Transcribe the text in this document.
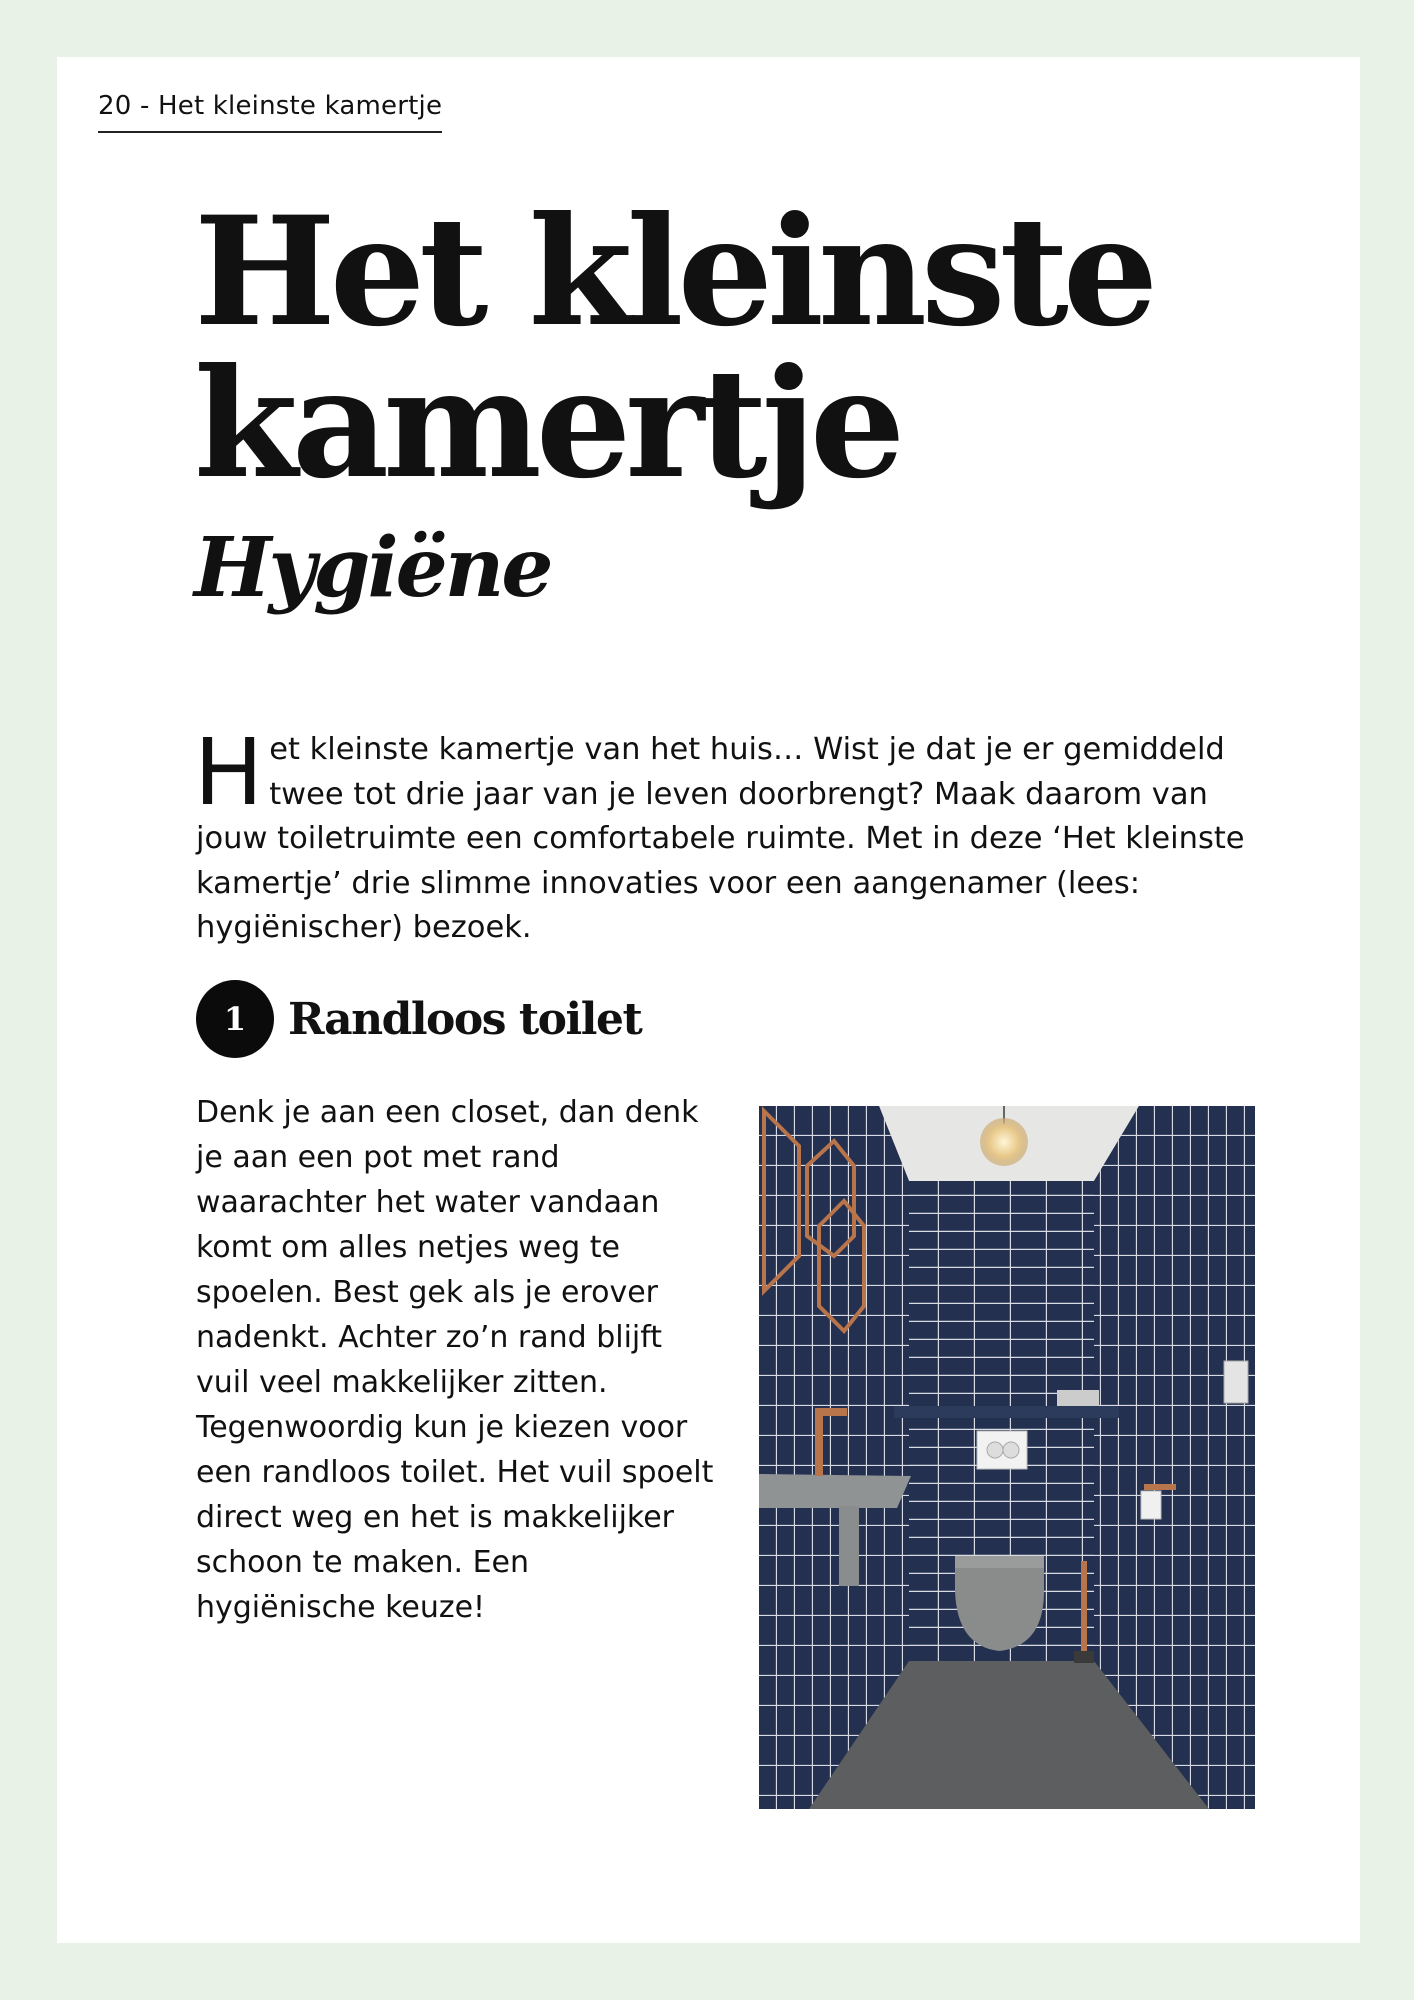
20 - Het kleinste kamertje
Het kleinste
kamertje
Hygiëne

Het kleinste kamertje van het huis… Wist je dat je er gemiddeld twee tot drie jaar van je leven doorbrengt? Maak daarom van jouw toiletruimte een comfortabele ruimte. Met in deze ‘Het kleinste kamertje’ drie slimme innovaties voor een aangenamer (lees: hygiënischer) bezoek.

1 Randloos toilet

Denk je aan een closet, dan denk je aan een pot met rand waarachter het water vandaan komt om alles netjes weg te spoelen. Best gek als je erover nadenkt. Achter zo’n rand blijft vuil veel makkelijker zitten. Tegenwoordig kun je kiezen voor een randloos toilet. Het vuil spoelt direct weg en het is makkelijker schoon te maken. Een hygiënische keuze!
